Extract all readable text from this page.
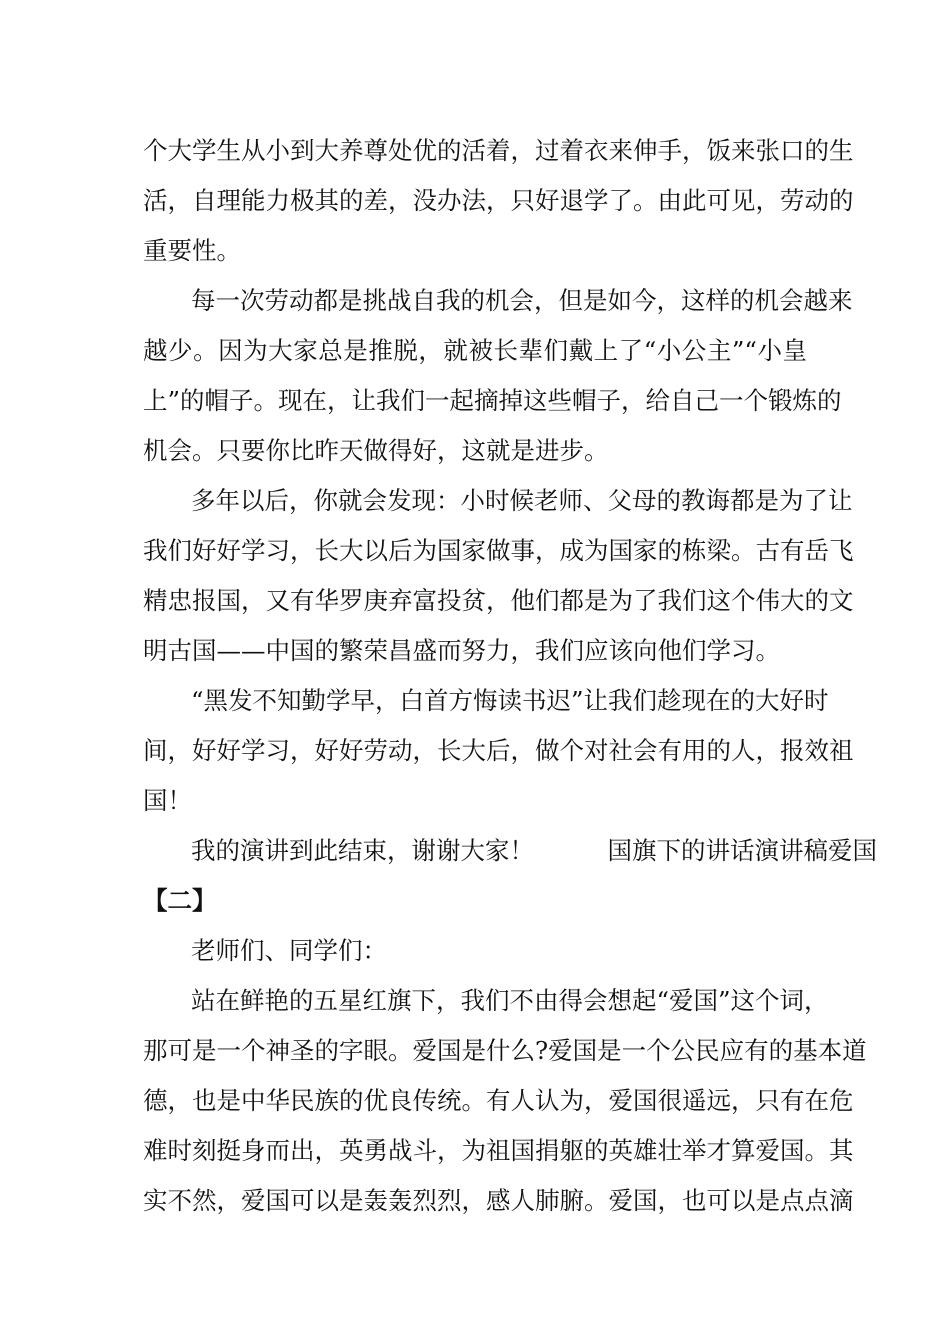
个大学生从小到大养尊处优的活着，过着衣来伸手，饭来张口的生
活，自理能力极其的差，没办法，只好退学了。由此可见，劳动的
重要性。
每一次劳动都是挑战自我的机会，但是如今，这样的机会越来
越少。因为大家总是推脱，就被长辈们戴上了“小公主”“小皇
上”的帽子。现在，让我们一起摘掉这些帽子，给自己一个锻炼的
机会。只要你比昨天做得好，这就是进步。
多年以后，你就会发现：小时候老师、父母的教诲都是为了让
我们好好学习，长大以后为国家做事，成为国家的栋梁。古有岳飞
精忠报国，又有华罗庚弃富投贫，他们都是为了我们这个伟大的文
明古国——中国的繁荣昌盛而努力，我们应该向他们学习。
“黑发不知勤学早，白首方悔读书迟”让我们趁现在的大好时
间，好好学习，好好劳动，长大后，做个对社会有用的人，报效祖
国！
我的演讲到此结束，谢谢大家！　　　国旗下的讲话演讲稿爱国
【二】
老师们、同学们：
站在鲜艳的五星红旗下，我们不由得会想起“爱国”这个词，
那可是一个神圣的字眼。爱国是什么?爱国是一个公民应有的基本道
德，也是中华民族的优良传统。有人认为，爱国很遥远，只有在危
难时刻挺身而出，英勇战斗，为祖国捐躯的英雄壮举才算爱国。其
实不然，爱国可以是轰轰烈烈，感人肺腑。爱国，也可以是点点滴
